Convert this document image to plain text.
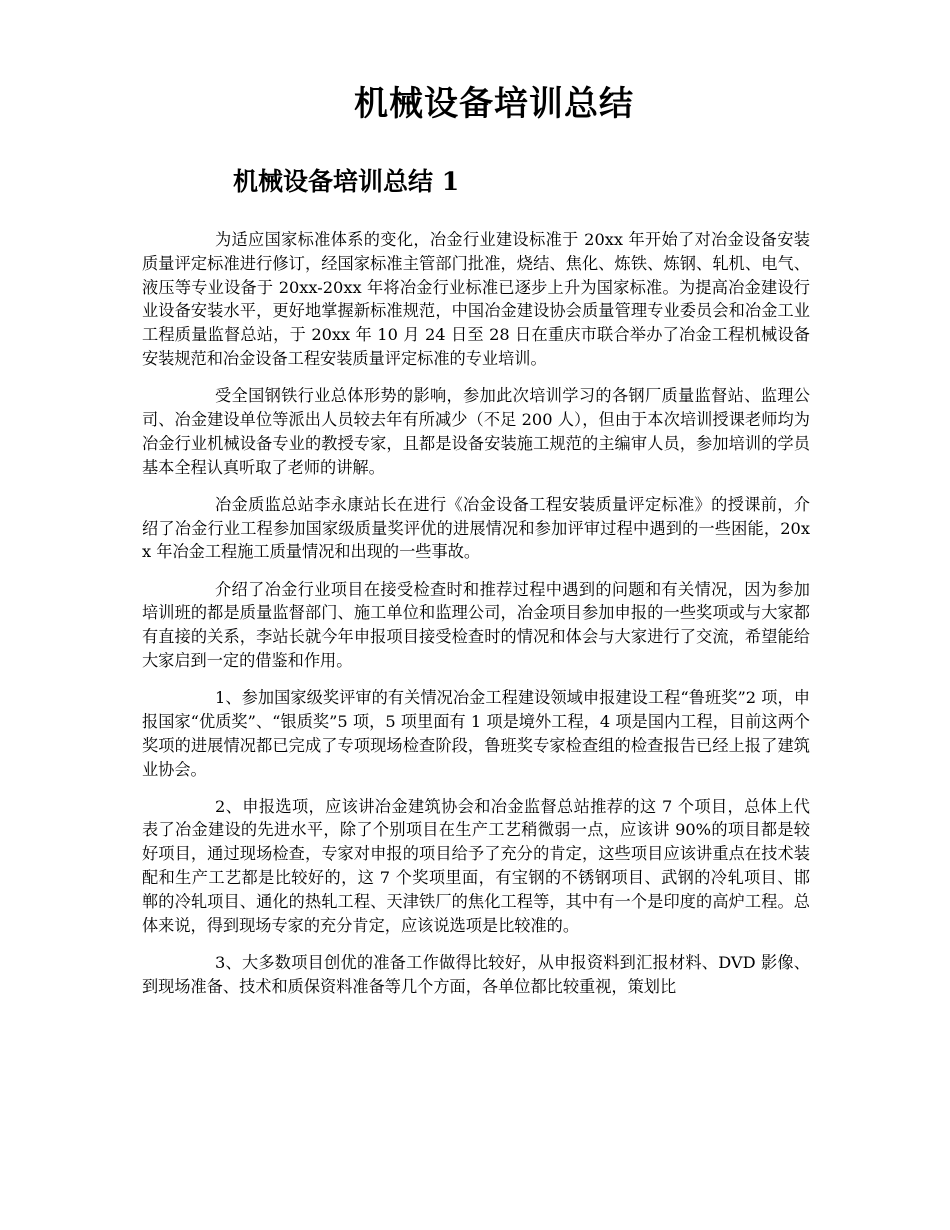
机械设备培训总结
机械设备培训总结 1

为适应国家标准体系的变化，冶金行业建设标准于 20xx 年开始了对冶金设备安装质量评定标准进行修订，经国家标准主管部门批准，烧结、焦化、炼铁、炼钢、轧机、电气、液压等专业设备于 20xx-20xx 年将冶金行业标准已逐步上升为国家标准。为提高冶金建设行业设备安装水平，更好地掌握新标准规范，中国冶金建设协会质量管理专业委员会和冶金工业工程质量监督总站，于 20xx 年 10 月 24 日至 28 日在重庆市联合举办了冶金工程机械设备安装规范和冶金设备工程安装质量评定标准的专业培训。

受全国钢铁行业总体形势的影响，参加此次培训学习的各钢厂质量监督站、监理公司、冶金建设单位等派出人员较去年有所减少（不足 200 人），但由于本次培训授课老师均为冶金行业机械设备专业的教授专家，且都是设备安装施工规范的主编审人员，参加培训的学员基本全程认真听取了老师的讲解。

冶金质监总站李永康站长在进行《冶金设备工程安装质量评定标准》的授课前，介绍了冶金行业工程参加国家级质量奖评优的进展情况和参加评审过程中遇到的一些困能，20xx 年冶金工程施工质量情况和出现的一些事故。

介绍了冶金行业项目在接受检查时和推荐过程中遇到的问题和有关情况，因为参加培训班的都是质量监督部门、施工单位和监理公司，冶金项目参加申报的一些奖项或与大家都有直接的关系，李站长就今年申报项目接受检查时的情况和体会与大家进行了交流，希望能给大家启到一定的借鉴和作用。

1、参加国家级奖评审的有关情况冶金工程建设领域申报建设工程“鲁班奖”2 项，申报国家“优质奖”、“银质奖”5 项，5 项里面有 1 项是境外工程，4 项是国内工程，目前这两个奖项的进展情况都已完成了专项现场检查阶段，鲁班奖专家检查组的检查报告已经上报了建筑业协会。

2、申报选项，应该讲冶金建筑协会和冶金监督总站推荐的这 7 个项目，总体上代表了冶金建设的先进水平，除了个别项目在生产工艺稍微弱一点，应该讲 90%的项目都是较好项目，通过现场检查，专家对申报的项目给予了充分的肯定，这些项目应该讲重点在技术装配和生产工艺都是比较好的，这 7 个奖项里面，有宝钢的不锈钢项目、武钢的冷轧项目、邯郸的冷轧项目、通化的热轧工程、天津铁厂的焦化工程等，其中有一个是印度的高炉工程。总体来说，得到现场专家的充分肯定，应该说选项是比较准的。

3、大多数项目创优的准备工作做得比较好，从申报资料到汇报材料、DVD 影像、到现场准备、技术和质保资料准备等几个方面，各单位都比较重视，策划比
